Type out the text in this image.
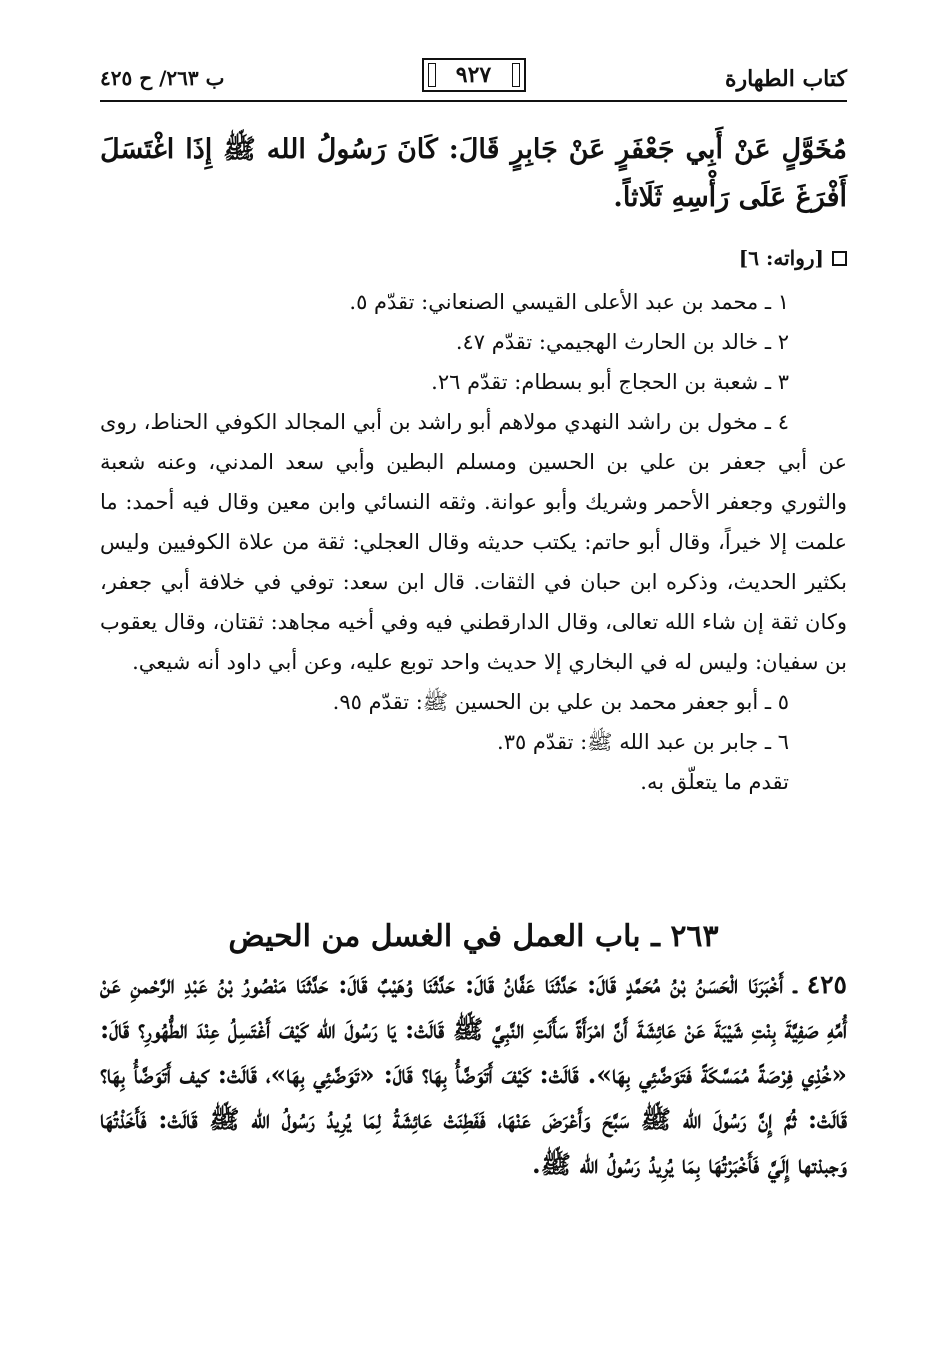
كتاب الطهارة
٩٢٧
ب ٢٦٣/ ح ٤٢٥
مُخَوَّلٍ عَنْ أَبِي جَعْفَرٍ عَنْ جَابِرٍ قَالَ: كَانَ رَسُولُ الله ﷺ إِذَا اغْتَسَلَ أَفْرَغَ عَلَى رَأْسِهِ ثَلَاثاً.
[رواته: ٦]

١ ـ محمد بن عبد الأعلى القيسي الصنعاني: تقدّم ٥.

٢ ـ خالد بن الحارث الهجيمي: تقدّم ٤٧.

٣ ـ شعبة بن الحجاج أبو بسطام: تقدّم ٢٦.

٤ ـ مخول بن راشد النهدي مولاهم أبو راشد بن أبي المجالد الكوفي الحناط، روى عن أبي جعفر بن علي بن الحسين ومسلم البطين وأبي سعد المدني، وعنه شعبة والثوري وجعفر الأحمر وشريك وأبو عوانة. وثقه النسائي وابن معين وقال فيه أحمد: ما علمت إلا خيراً، وقال أبو حاتم: يكتب حديثه وقال العجلي: ثقة من علاة الكوفيين وليس بكثير الحديث، وذكره ابن حبان في الثقات. قال ابن سعد: توفي في خلافة أبي جعفر، وكان ثقة إن شاء الله تعالى، وقال الدارقطني فيه وفي أخيه مجاهد: ثقتان، وقال يعقوب بن سفيان: وليس له في البخاري إلا حديث واحد توبع عليه، وعن أبي داود أنه شيعي.

٥ ـ أبو جعفر محمد بن علي بن الحسين ﷺ: تقدّم ٩٥.

٦ ـ جابر بن عبد الله ﷺ: تقدّم ٣٥.

تقدم ما يتعلّق به.

٢٦٣ ـ باب العمل في الغسل من الحيض
٤٢٥ ـ أَخْبَرَنَا الْحَسَنُ بْنُ مُحَمَّدٍ قَالَ: حَدَّثَنَا عَفَّانُ قَالَ: حَدَّثَنَا وُهَيْبٌ قَالَ: حَدَّثَنَا مَنْصُورُ بْنُ عَبْدِ الرَّحْمنِ عَنْ أُمِّهِ صَفِيَّةَ بِنْتِ شَيْبَةَ عَنْ عَائِشَةَ أَنَّ امْرَأَةً سَأَلَتِ النَّبِيَّ ﷺ قَالَتْ: يَا رَسُولَ الله كَيْفَ أَغْتَسِلُ عِنْدَ الطُّهُورِ؟ قَالَ: «خُذِي فِرْصَةً مُمَسَّكَةً فَتَوَضَّئِي بِهَا». قَالَتْ: كَيْفَ أَتَوَضَّأُ بِهَا؟ قَالَ: «تَوَضَّئِي بِهَا»، قَالَتْ: كيف أَتَوَضَّأُ بِهَا؟ قَالَتْ: ثُمَّ إِنَّ رَسُولَ الله ﷺ سَبَّحَ وَأَعْرَضَ عَنْهَا، فَفَطِنَتْ عَائِشَةُ لِمَا يُرِيدُ رَسُولُ الله ﷺ قَالَتْ: فَأَخَذْتُهَا وَجبذتها إِلَيَّ فَأَخْبَرْتُهَا بِمَا يُرِيدُ رَسُولُ الله ﷺ.
